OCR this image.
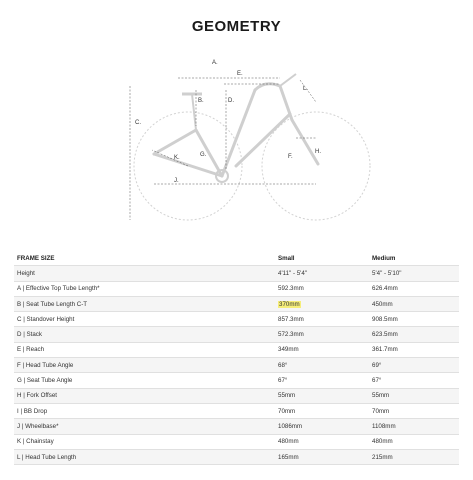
GEOMETRY
A.
B.
C.
D.
E.
F.
G.	H.
J.
K.
L.
FRAME SIZE	Small	Medium
Height	4'11" - 5'4"	5'4" - 5'10"
A | Effective Top Tube Length*	592.3mm	626.4mm
B | Seat Tube Length C-T	370mm	450mm
C | Standover Height	857.3mm	908.5mm
D | Stack	572.3mm	623.5mm
E | Reach	349mm	361.7mm
F | Head Tube Angle	68°	69°
G | Seat Tube Angle	67°	67°
H | Fork Offset	55mm	55mm
I | BB Drop	70mm	70mm
J | Wheelbase*	1086mm	1108mm
K | Chainstay	480mm	480mm
L | Head Tube Length	165mm	215mm
